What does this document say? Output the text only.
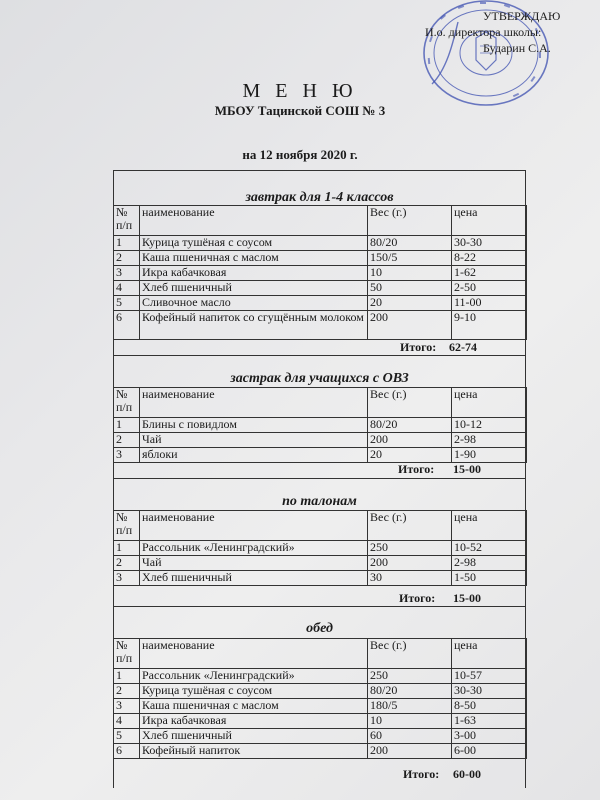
УТВЕРЖДАЮ
И.о. директора школы:
Бударин С.А.
М Е Н Ю
МБОУ Тацинской СОШ № 3
на 12 ноября 2020 г.
завтрак для 1-4 классов
№ п/п	наименование	Вес (г.)	цена
1	Курица тушёная с соусом	80/20	30-30
2	Каша пшеничная с маслом	150/5	8-22
3	Икра кабачковая	10	1-62
4	Хлеб пшеничный	50	2-50
5	Сливочное масло	20	11-00
6	Кофейный напиток со сгущённым молоком	200	9-10
Итого: 62-74
застрак для учащихся с ОВЗ
№ п/п	наименование	Вес (г.)	цена
1	Блины с повидлом	80/20	10-12
2	Чай	200	2-98
3	яблоки	20	1-90
Итого: 15-00
по талонам
№ п/п	наименование	Вес (г.)	цена
1	Рассольник «Ленинградский»	250	10-52
2	Чай	200	2-98
3	Хлеб пшеничный	30	1-50
Итого: 15-00
обед
№ п/п	наименование	Вес (г.)	цена
1	Рассольник «Ленинградский»	250	10-57
2	Курица тушёная с соусом	80/20	30-30
3	Каша пшеничная с маслом	180/5	8-50
4	Икра кабачковая	10	1-63
5	Хлеб пшеничный	60	3-00
6	Кофейный напиток	200	6-00
Итого: 60-00
